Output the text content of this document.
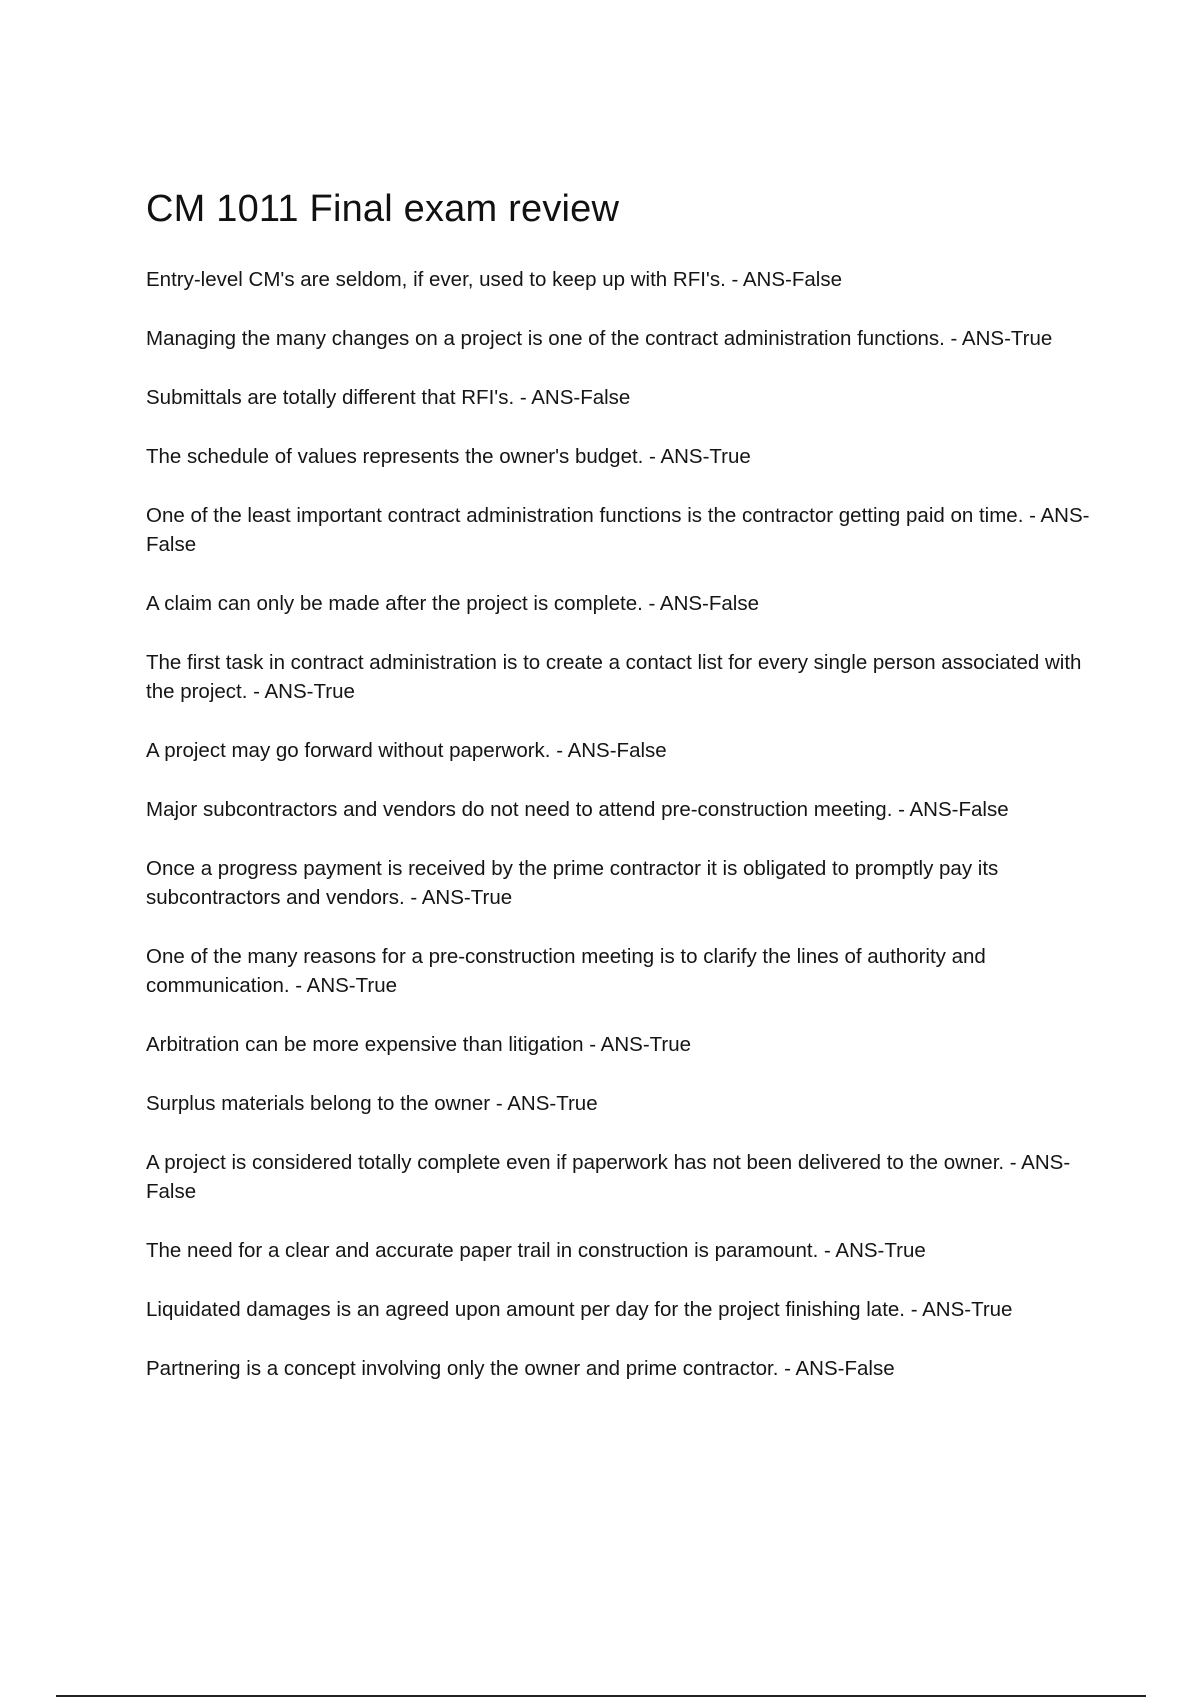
CM 1011 Final exam review

Entry-level CM's are seldom, if ever, used to keep up with RFI's. - ANS-False

Managing the many changes on a project is one of the contract administration functions. - ANS-True

Submittals are totally different that RFI's. - ANS-False

The schedule of values represents the owner's budget. - ANS-True

One of the least important contract administration functions is the contractor getting paid on time. - ANS-False

A claim can only be made after the project is complete. - ANS-False

The first task in contract administration is to create a contact list for every single person associated with the project. - ANS-True

A project may go forward without paperwork. - ANS-False

Major subcontractors and vendors do not need to attend pre-construction meeting. - ANS-False

Once a progress payment is received by the prime contractor it is obligated to promptly pay its subcontractors and vendors. - ANS-True

One of the many reasons for a pre-construction meeting is to clarify the lines of authority and communication. - ANS-True

Arbitration can be more expensive than litigation - ANS-True

Surplus materials belong to the owner - ANS-True

A project is considered totally complete even if paperwork has not been delivered to the owner. - ANS-False

The need for a clear and accurate paper trail in construction is paramount. - ANS-True

Liquidated damages is an agreed upon amount per day for the project finishing late. - ANS-True

Partnering is a concept involving only the owner and prime contractor. - ANS-False
